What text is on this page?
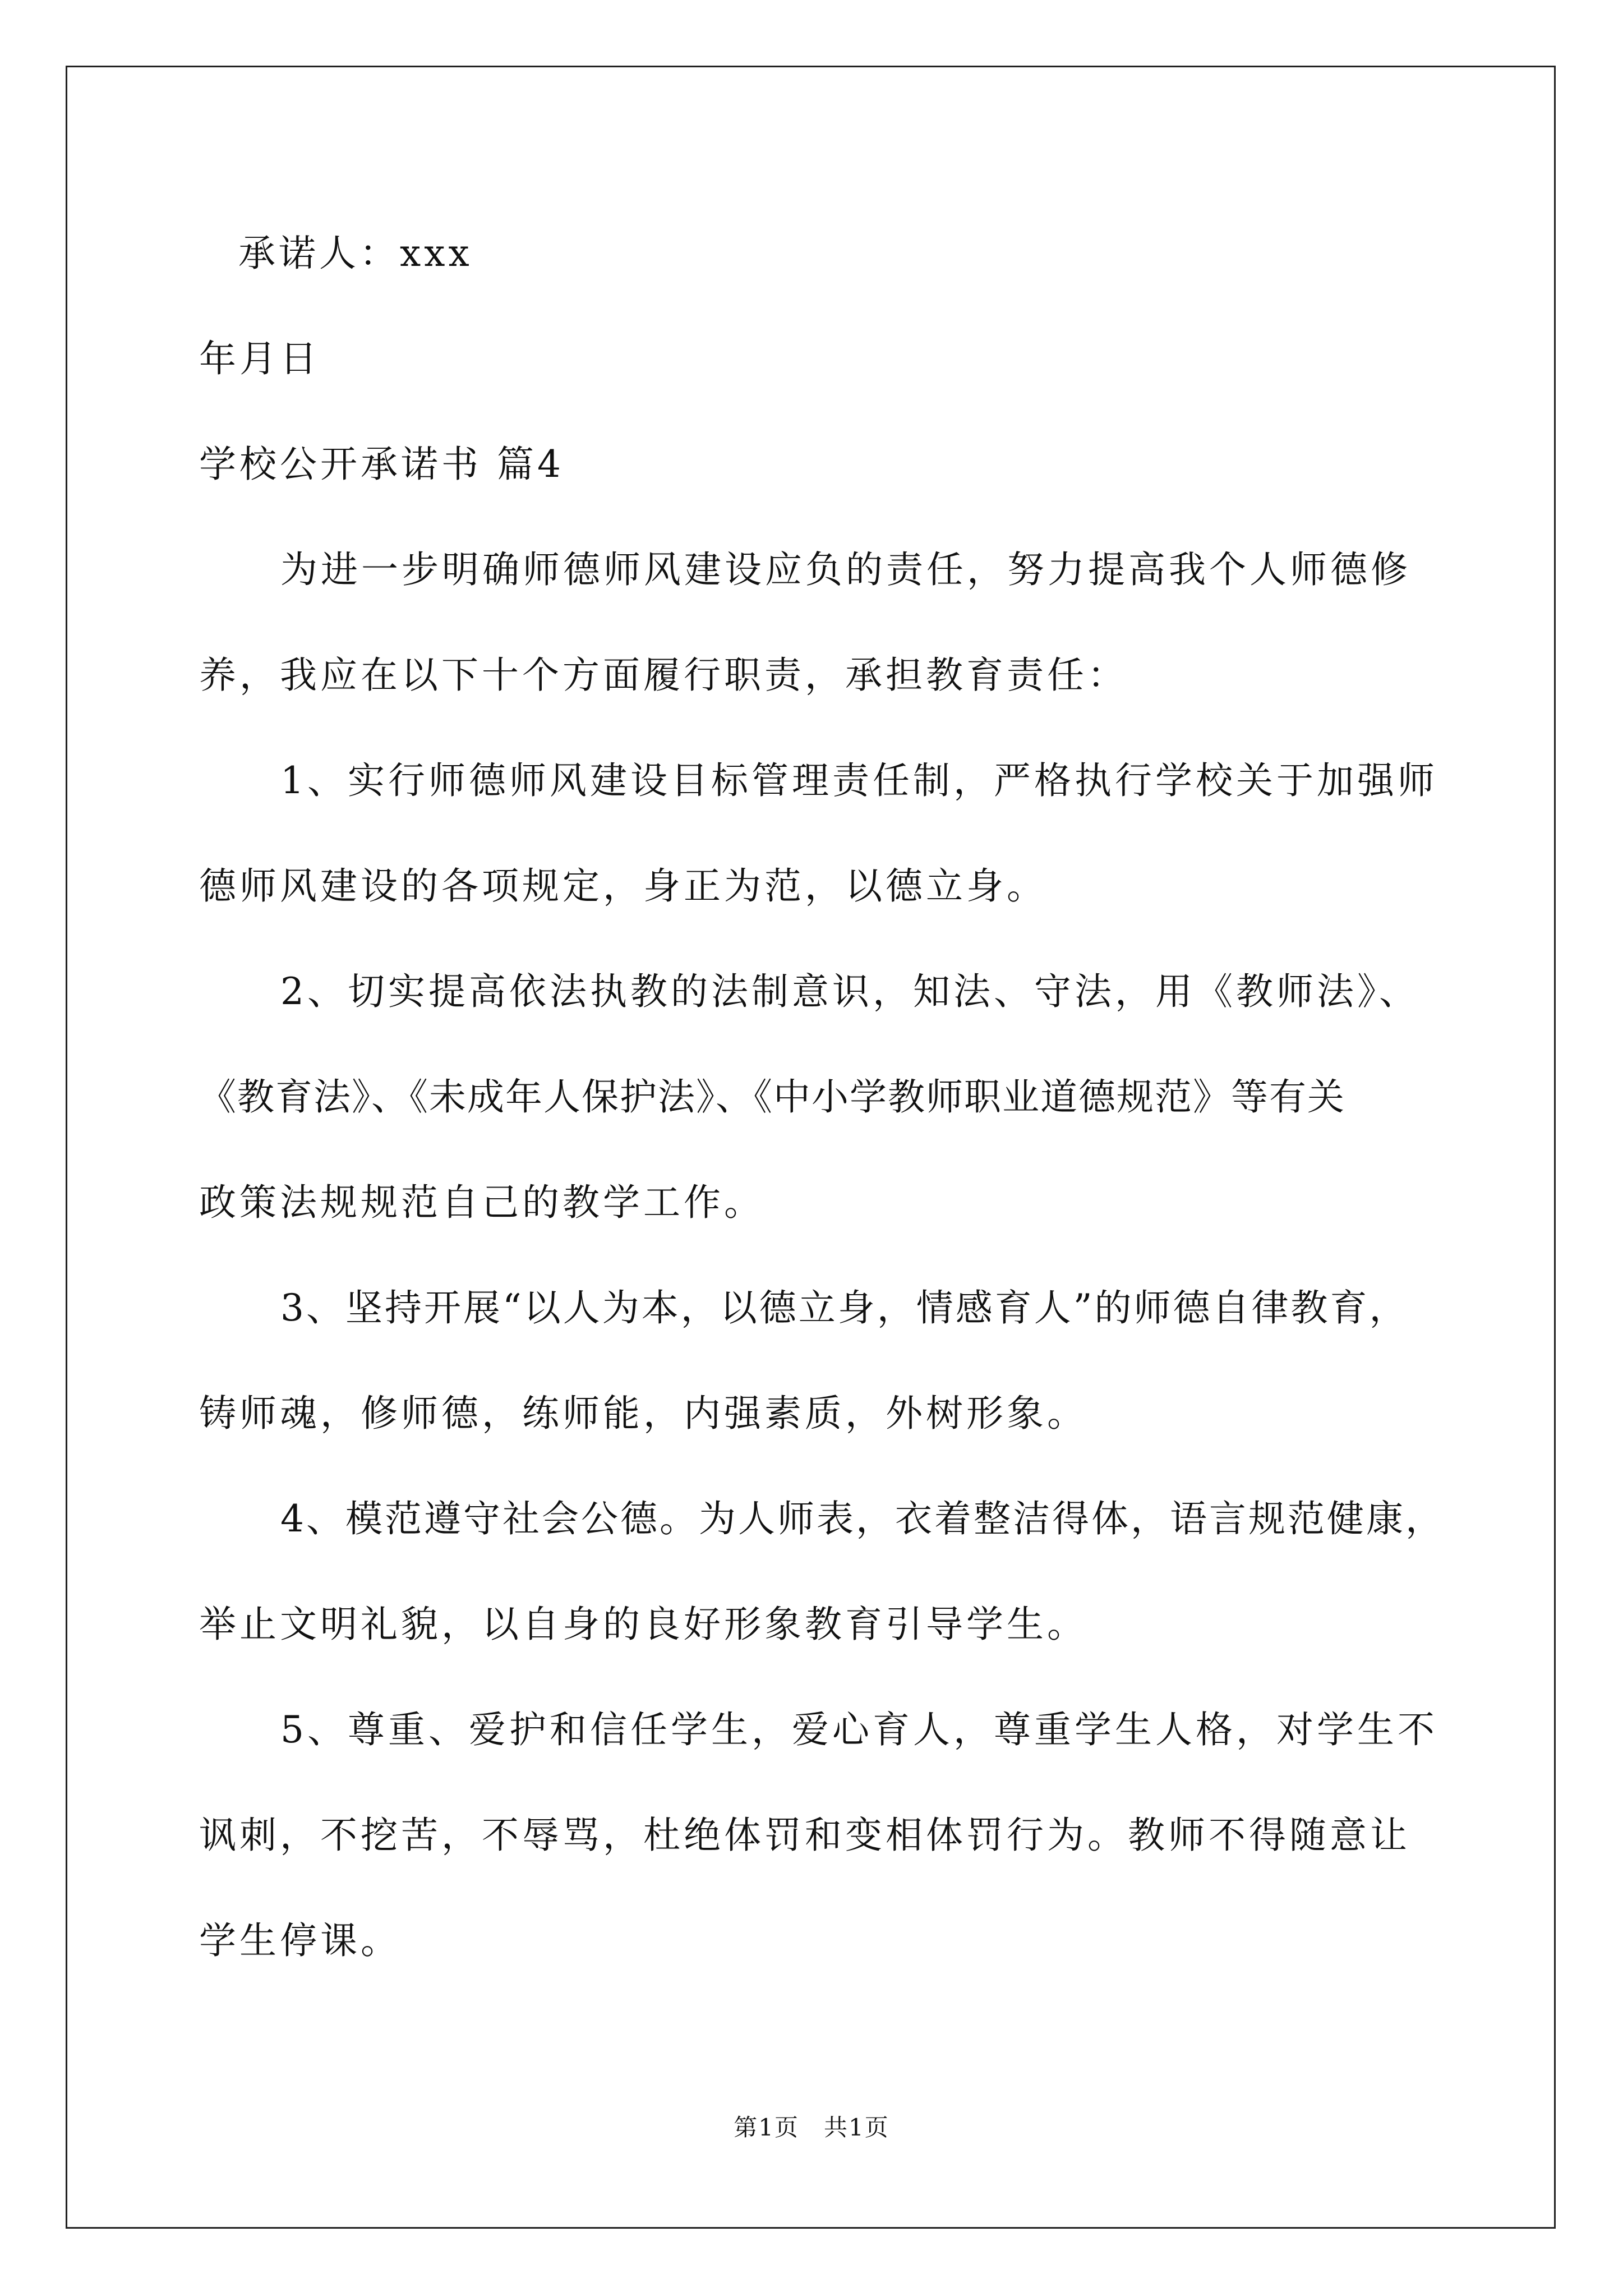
承诺人：xxx
年月日
学校公开承诺书 篇4
为进一步明确师德师风建设应负的责任，努力提高我个人师德修
养，我应在以下十个方面履行职责，承担教育责任：
1、实行师德师风建设目标管理责任制，严格执行学校关于加强师
德师风建设的各项规定，身正为范，以德立身。
2、切实提高依法执教的法制意识，知法、守法，用《教师法》、
《教育法》、《未成年人保护法》、《中小学教师职业道德规范》等有关
政策法规规范自己的教学工作。
3、坚持开展“以人为本，以德立身，情感育人”的师德自律教育，
铸师魂，修师德，练师能，内强素质，外树形象。
4、模范遵守社会公德。为人师表，衣着整洁得体，语言规范健康，
举止文明礼貌，以自身的良好形象教育引导学生。
5、尊重、爱护和信任学生，爱心育人，尊重学生人格，对学生不
讽刺，不挖苦，不辱骂，杜绝体罚和变相体罚行为。教师不得随意让
学生停课。
第1页　共1页
